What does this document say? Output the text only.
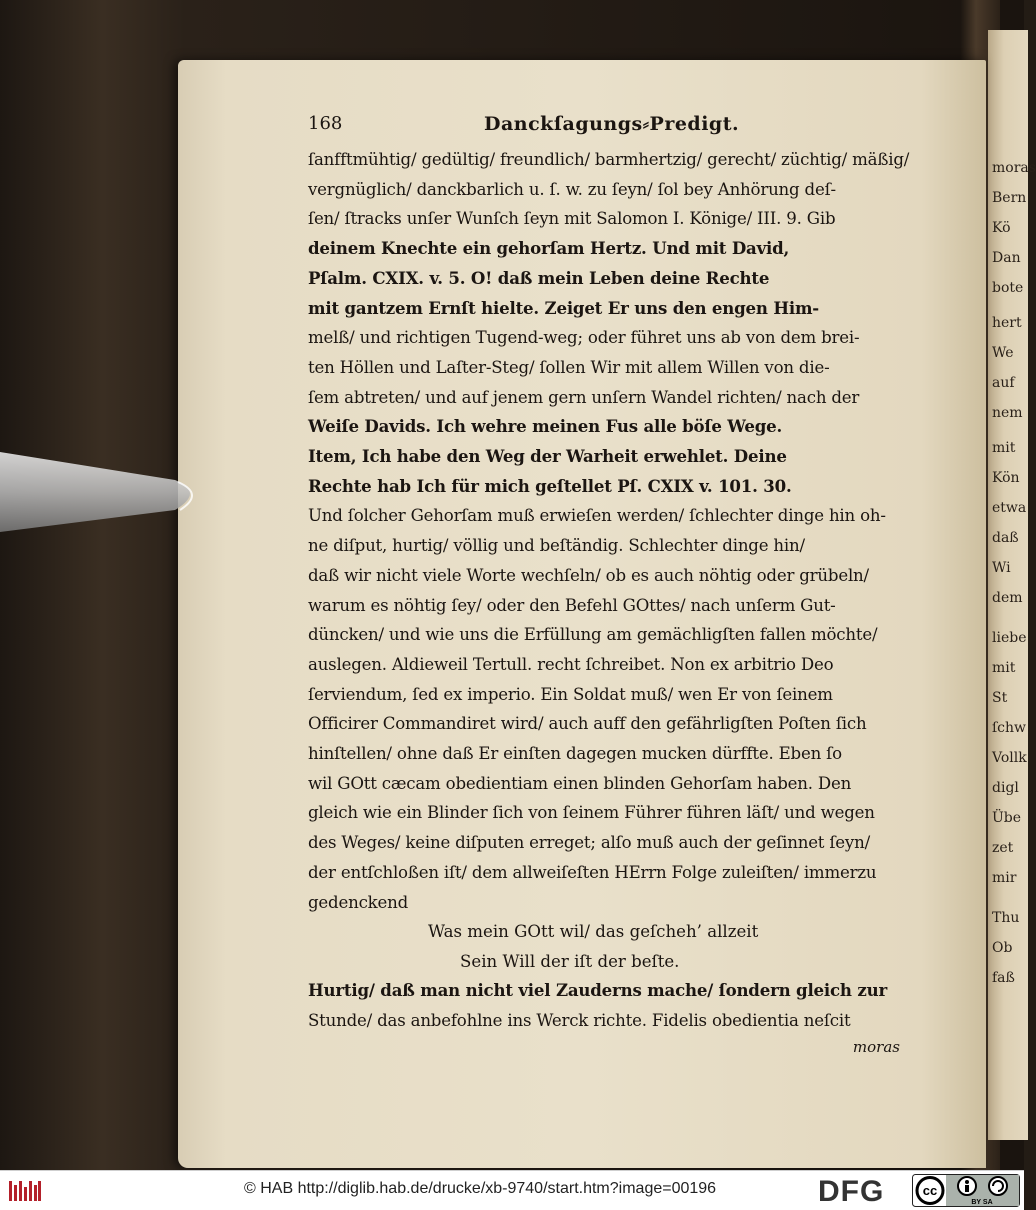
moras
Bern
Kö
Dan
bote
hert
We
auf
nem
mit
Kön
etwa
daß
Wi
dem
liebe
mit
St
ſchw
Vollk
digl
Übe
zet
mir
Thu
Ob
faß
168	Danckſagungs⸗Predigt.
ſanfftmühtig/ gedültig/ freundlich/ barmhertzig/ gerecht/ züchtig/ mäßig/
vergnüglich/ danckbarlich u. ſ. w. zu ſeyn/ ſol bey Anhörung deſ-
ſen/ ſtracks unſer Wunſch ſeyn mit Salomon I. Könige/ III. 9. Gib
deinem Knechte ein gehorſam Hertz. Und mit David,
Pſalm. CXIX. v. 5. O! daß mein Leben deine Rechte
mit gantzem Ernſt hielte. Zeiget Er uns den engen Him-
melß/ und richtigen Tugend-weg; oder führet uns ab von dem brei-
ten Höllen und Laſter-Steg/ ſollen Wir mit allem Willen von die-
ſem abtreten/ und auf jenem gern unſern Wandel richten/ nach der
Weiſe Davids. Ich wehre meinen Fus alle böſe Wege.
Item, Ich habe den Weg der Warheit erwehlet. Deine
Rechte hab Ich für mich geſtellet Pſ. CXIX v. 101. 30.
Und ſolcher Gehorſam muß erwieſen werden/ ſchlechter dinge hin oh-
ne diſput, hurtig/ völlig und beſtändig. Schlechter dinge hin/
daß wir nicht viele Worte wechſeln/ ob es auch nöhtig oder grübeln/
warum es nöhtig ſey/ oder den Befehl GOttes/ nach unſerm Gut-
düncken/ und wie uns die Erfüllung am gemächligſten fallen möchte/
auslegen. Aldieweil Tertull. recht ſchreibet. Non ex arbitrio Deo
ſerviendum, ſed ex imperio. Ein Soldat muß/ wen Er von ſeinem
Officirer Commandiret wird/ auch auff den gefährligſten Poſten ſich
hinſtellen/ ohne daß Er einſten dagegen mucken dürffte. Eben ſo
wil GOtt cæcam obedientiam einen blinden Gehorſam haben. Den
gleich wie ein Blinder ſich von ſeinem Führer führen läſt/ und wegen
des Weges/ keine diſputen erreget; alſo muß auch der geſinnet ſeyn/
der entſchloßen iſt/ dem allweiſeſten HErrn Folge zuleiſten/ immerzu
gedenckend
Was mein GOtt wil/ das geſcheh’ allzeit
Sein Will der iſt der beſte.
Hurtig/ daß man nicht viel Zauderns mache/ ſondern gleich zur
Stunde/ das anbefohlne ins Werck richte. Fidelis obedientia neſcit
moras
© HAB http://diglib.hab.de/drucke/xb-9740/start.htm?image=00196	DFG	cc
BY SA
